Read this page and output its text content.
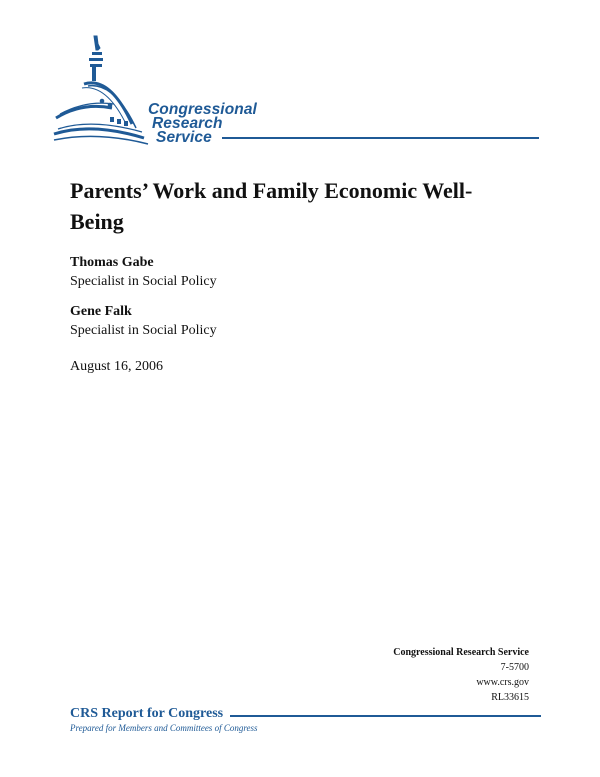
Congressional
Research
Service
Parents’ Work and Family Economic Well-Being
Thomas Gabe
Specialist in Social Policy
Gene Falk
Specialist in Social Policy
August 16, 2006
Congressional Research Service
7-5700
www.crs.gov
RL33615
CRS Report for Congress
Prepared for Members and Committees of Congress
